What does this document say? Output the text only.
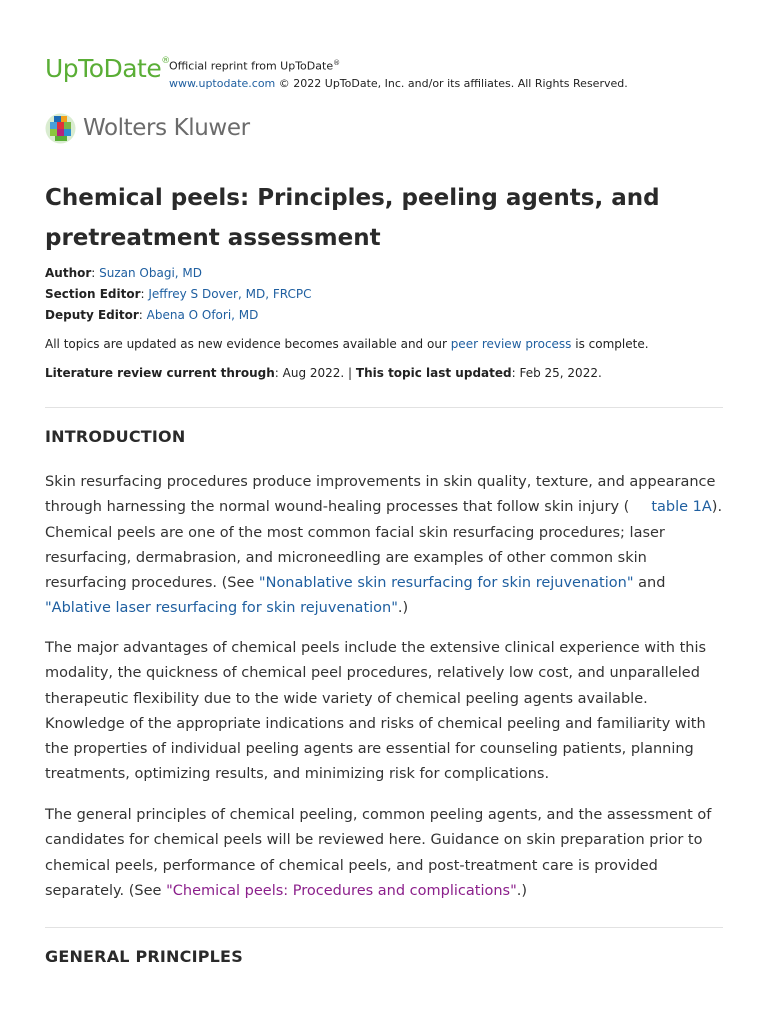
UpToDate® Official reprint from UpToDate®
www.uptodate.com © 2022 UpToDate, Inc. and/or its affiliates. All Rights Reserved.
Wolters Kluwer
Chemical peels: Principles, peeling agents, and pretreatment assessment

Author: Suzan Obagi, MD
Section Editor: Jeffrey S Dover, MD, FRCPC
Deputy Editor: Abena O Ofori, MD

All topics are updated as new evidence becomes available and our peer review process is complete.

Literature review current through: Aug 2022. | This topic last updated: Feb 25, 2022.

INTRODUCTION

Skin resurfacing procedures produce improvements in skin quality, texture, and appearance through harnessing the normal wound-healing processes that follow skin injury ( table 1A). Chemical peels are one of the most common facial skin resurfacing procedures; laser resurfacing, dermabrasion, and microneedling are examples of other common skin resurfacing procedures. (See "Nonablative skin resurfacing for skin rejuvenation" and "Ablative laser resurfacing for skin rejuvenation".)

The major advantages of chemical peels include the extensive clinical experience with this modality, the quickness of chemical peel procedures, relatively low cost, and unparalleled therapeutic flexibility due to the wide variety of chemical peeling agents available. Knowledge of the appropriate indications and risks of chemical peeling and familiarity with the properties of individual peeling agents are essential for counseling patients, planning treatments, optimizing results, and minimizing risk for complications.

The general principles of chemical peeling, common peeling agents, and the assessment of candidates for chemical peels will be reviewed here. Guidance on skin preparation prior to chemical peels, performance of chemical peels, and post-treatment care is provided separately. (See "Chemical peels: Procedures and complications".)

GENERAL PRINCIPLES
